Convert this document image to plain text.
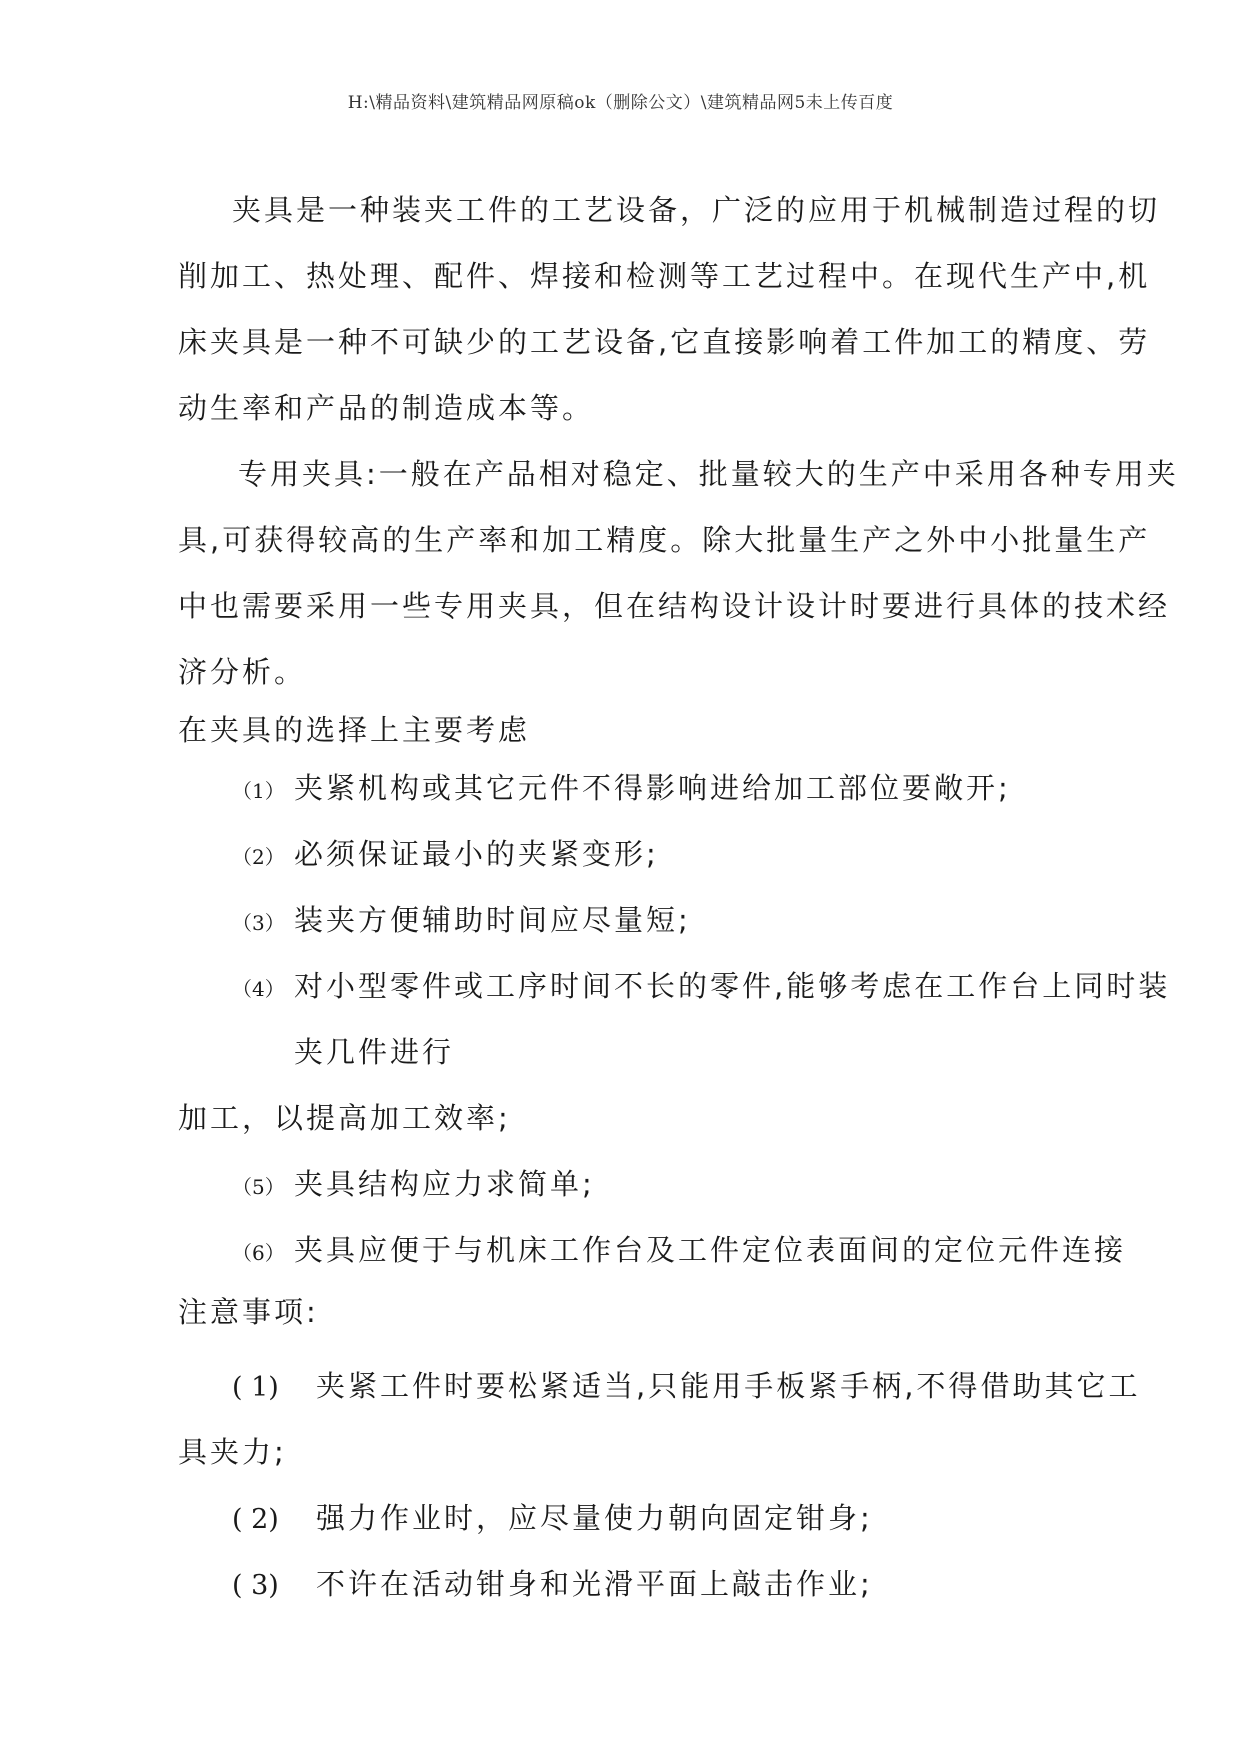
H:\精品资料\建筑精品网原稿ok（删除公文）\建筑精品网5未上传百度
夹具是一种装夹工件的工艺设备，广泛的应用于机械制造过程的切
削加工、热处理、配件、焊接和检测等工艺过程中。在现代生产中,机
床夹具是一种不可缺少的工艺设备,它直接影响着工件加工的精度、劳
动生率和产品的制造成本等。
专用夹具:一般在产品相对稳定、批量较大的生产中采用各种专用夹
具,可获得较高的生产率和加工精度。除大批量生产之外中小批量生产
中也需要采用一些专用夹具，但在结构设计设计时要进行具体的技术经
济分析。
在夹具的选择上主要考虑
（1） 夹紧机构或其它元件不得影响进给加工部位要敞开;
（2） 必须保证最小的夹紧变形;
（3） 装夹方便辅助时间应尽量短;
（4） 对小型零件或工序时间不长的零件,能够考虑在工作台上同时装
夹几件进行
加工，以提高加工效率;
（5） 夹具结构应力求简单;
（6） 夹具应便于与机床工作台及工件定位表面间的定位元件连接
注意事项:
( 1) 夹紧工件时要松紧适当,只能用手板紧手柄,不得借助其它工
具夹力;
( 2) 强力作业时，应尽量使力朝向固定钳身;
( 3) 不许在活动钳身和光滑平面上敲击作业;
